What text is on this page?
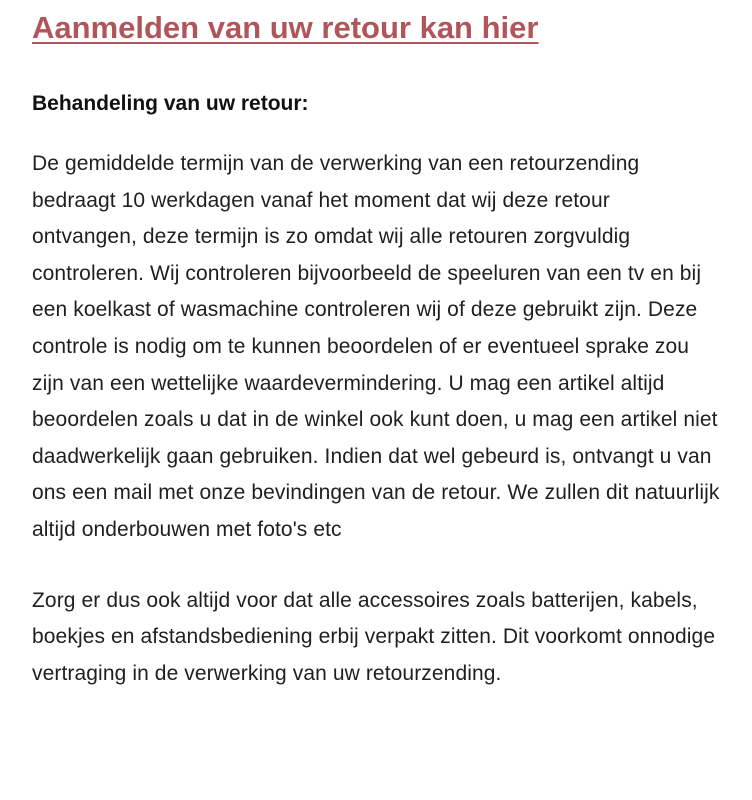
Aanmelden van uw retour kan hier
Behandeling van uw retour:

De gemiddelde termijn van de verwerking van een retourzending bedraagt 10 werkdagen vanaf het moment dat wij deze retour ontvangen, deze termijn is zo omdat wij alle retouren zorgvuldig controleren. Wij controleren bijvoorbeeld de speeluren van een tv en bij een koelkast of wasmachine controleren wij of deze gebruikt zijn. Deze controle is nodig om te kunnen beoordelen of er eventueel sprake zou zijn van een wettelijke waardevermindering. U mag een artikel altijd beoordelen zoals u dat in de winkel ook kunt doen, u mag een artikel niet daadwerkelijk gaan gebruiken. Indien dat wel gebeurd is, ontvangt u van ons een mail met onze bevindingen van de retour. We zullen dit natuurlijk altijd onderbouwen met foto's etc

Zorg er dus ook altijd voor dat alle accessoires zoals batterijen, kabels, boekjes en afstandsbediening erbij verpakt zitten. Dit voorkomt onnodige vertraging in de verwerking van uw retourzending.
